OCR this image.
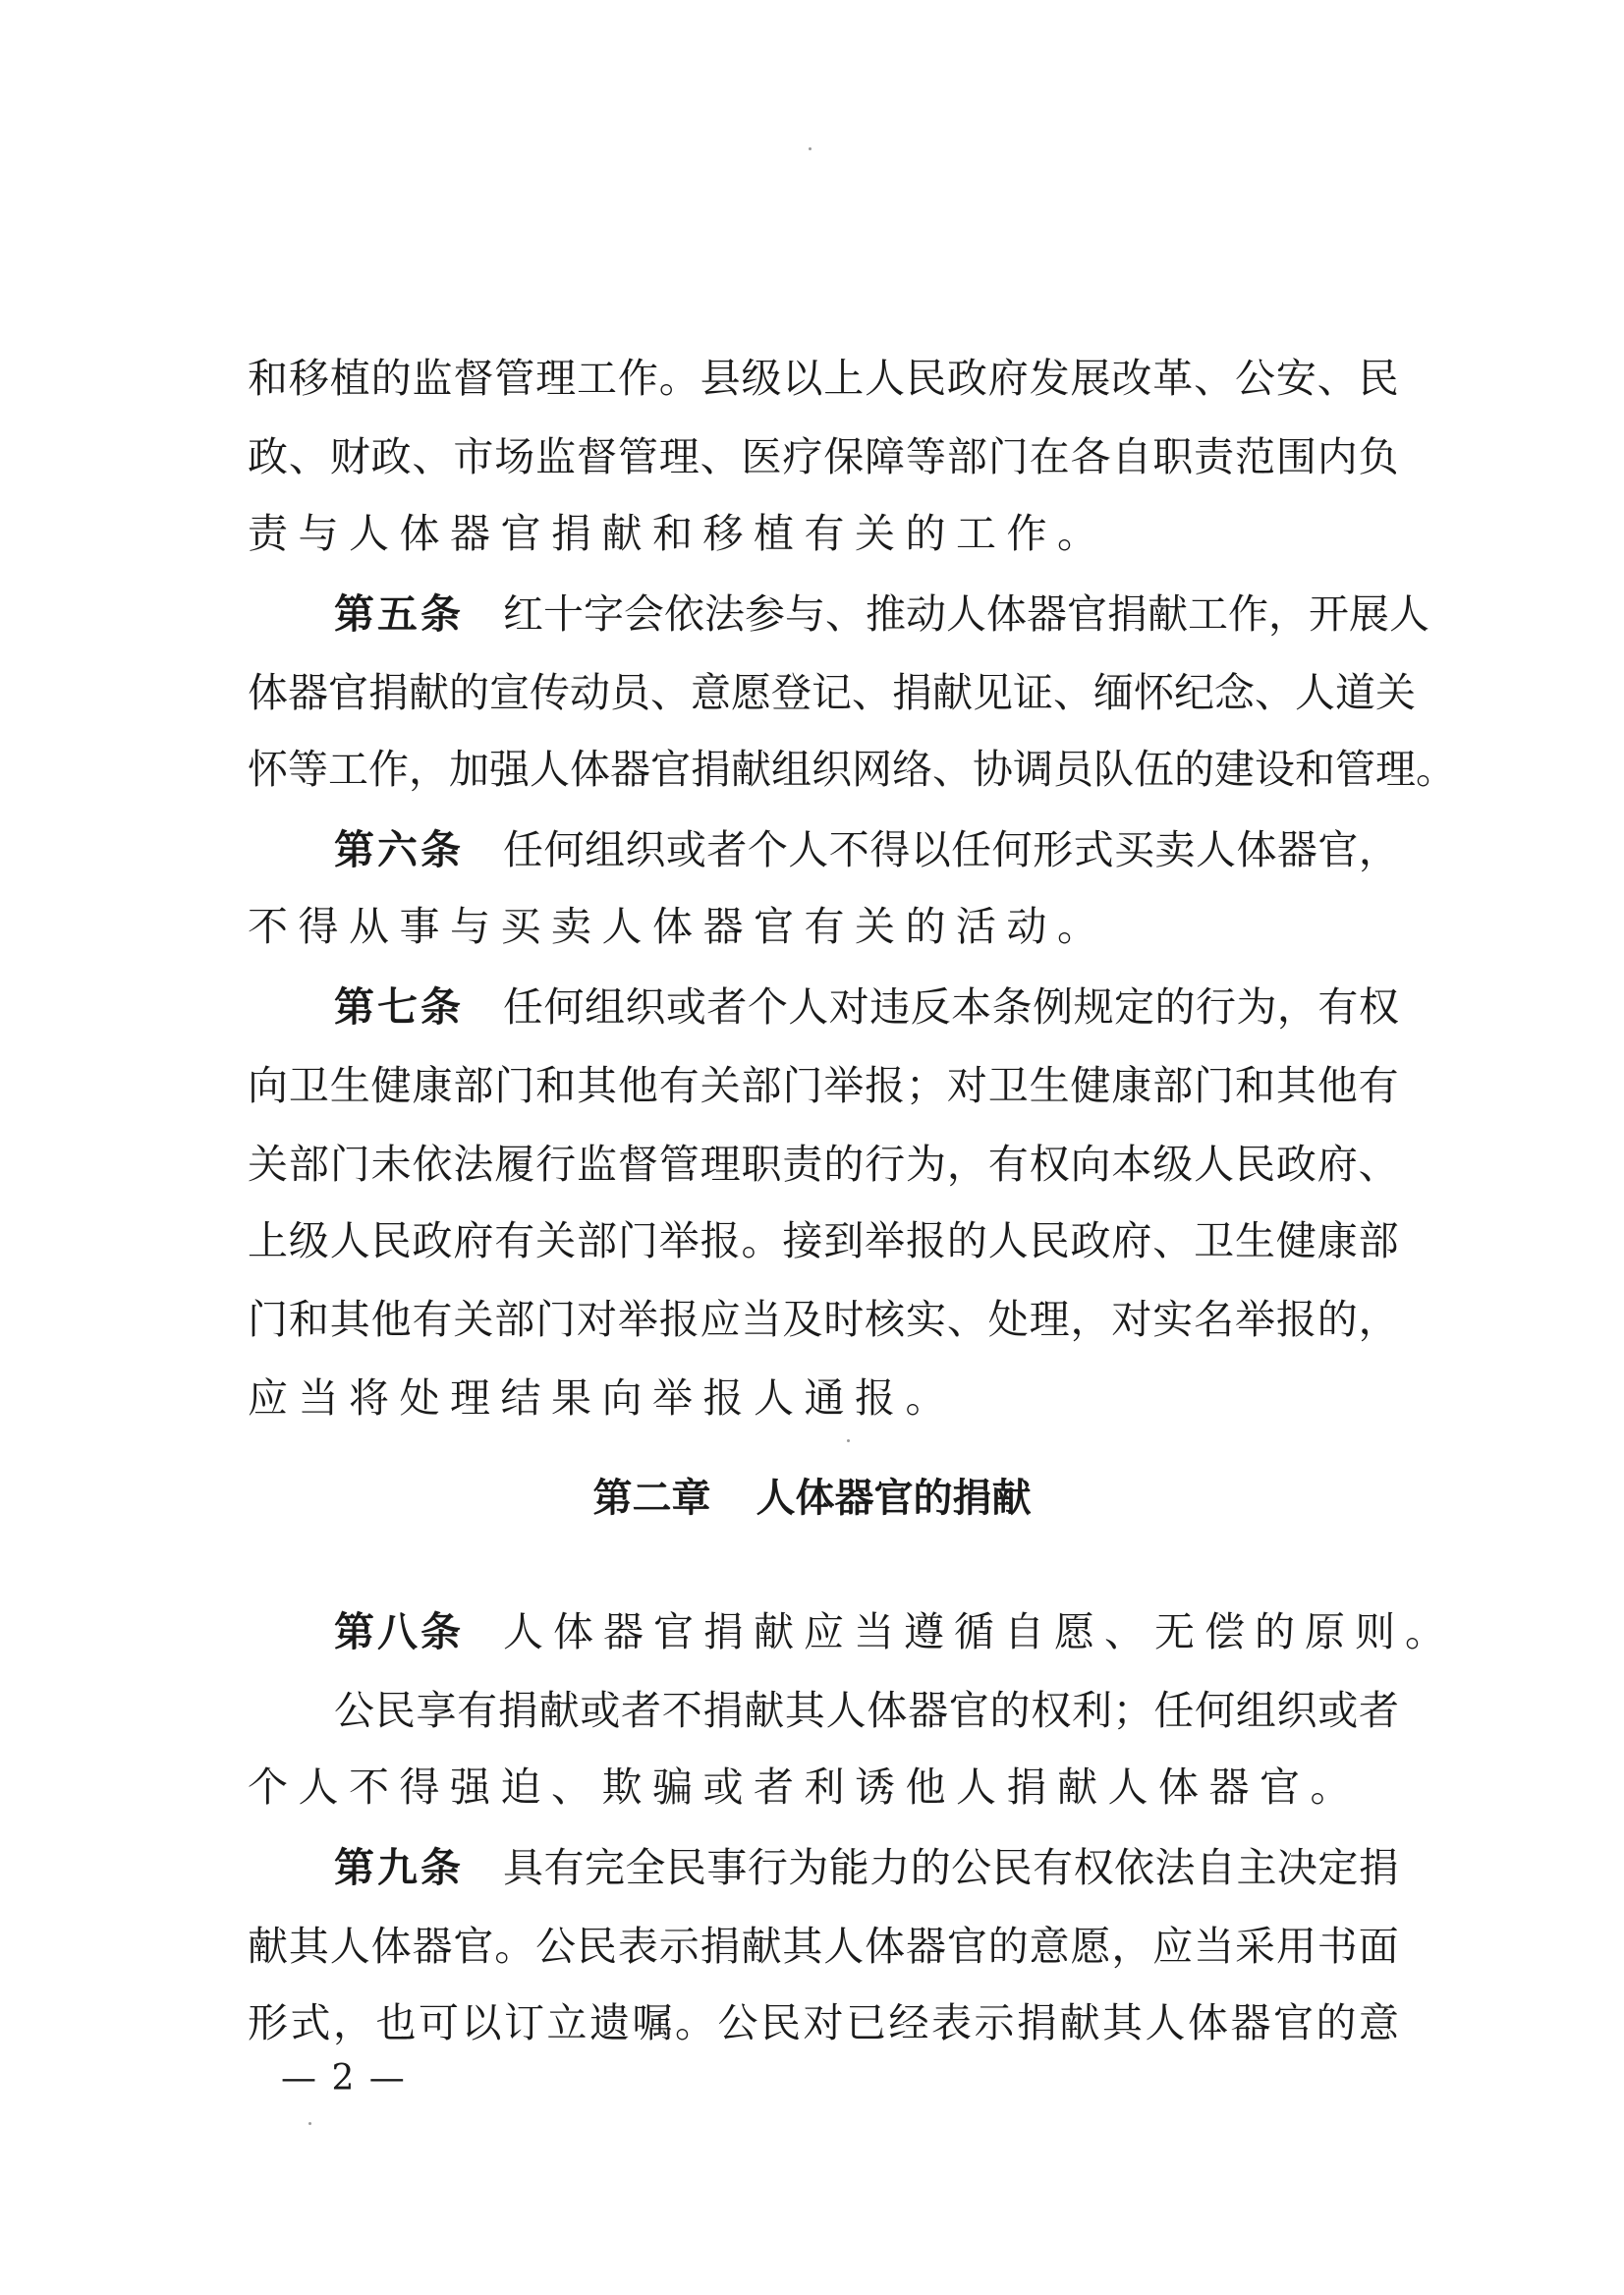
和 移 植 的 监 督 管 理 工 作 。 县 级 以 上 人 民 政 府 发 展 改 革 、 公 安 、 民
政 、 财 政 、 市 场 监 督 管 理 、 医 疗 保 障 等 部 门 在 各 自 职 责 范 围 内 负
责与人体器官捐献和移植有关的工作。
第五条 红 十 字 会 依 法 参 与 、 推 动 人 体 器 官 捐 献 工 作 ， 开 展 人
体 器 官 捐 献 的 宣 传 动 员 、 意 愿 登 记 、 捐 献 见 证 、 缅 怀 纪 念 、 人 道 关
怀 等 工 作 ， 加 强 人 体 器 官 捐 献 组 织 网 络 、 协 调 员 队 伍 的 建 设 和 管 理 。
第六条 任 何 组 织 或 者 个 人 不 得 以 任 何 形 式 买 卖 人 体 器 官 ，
不得从事与买卖人体器官有关的活动。
第七条 任 何 组 织 或 者 个 人 对 违 反 本 条 例 规 定 的 行 为 ， 有 权
向 卫 生 健 康 部 门 和 其 他 有 关 部 门 举 报 ； 对 卫 生 健 康 部 门 和 其 他 有
关 部 门 未 依 法 履 行 监 督 管 理 职 责 的 行 为 ， 有 权 向 本 级 人 民 政 府 、
上 级 人 民 政 府 有 关 部 门 举 报 。 接 到 举 报 的 人 民 政 府 、 卫 生 健 康 部
门 和 其 他 有 关 部 门 对 举 报 应 当 及 时 核 实 、 处 理 ， 对 实 名 举 报 的 ，
应当将处理结果向举报人通报。
第二章 人体器官的捐献
第八条 人体器官捐献应当遵循自愿、无偿的原则。
公 民 享 有 捐 献 或 者 不 捐 献 其 人 体 器 官 的 权 利 ； 任 何 组 织 或 者
个人不得强迫、欺骗或者利诱他人捐献人体器官。
第九条 具 有 完 全 民 事 行 为 能 力 的 公 民 有 权 依 法 自 主 决 定 捐
献 其 人 体 器 官 。 公 民 表 示 捐 献 其 人 体 器 官 的 意 愿 ， 应 当 采 用 书 面
形 式 ， 也 可 以 订 立 遗 嘱 。 公 民 对 已 经 表 示 捐 献 其 人 体 器 官 的 意
— 2 —
